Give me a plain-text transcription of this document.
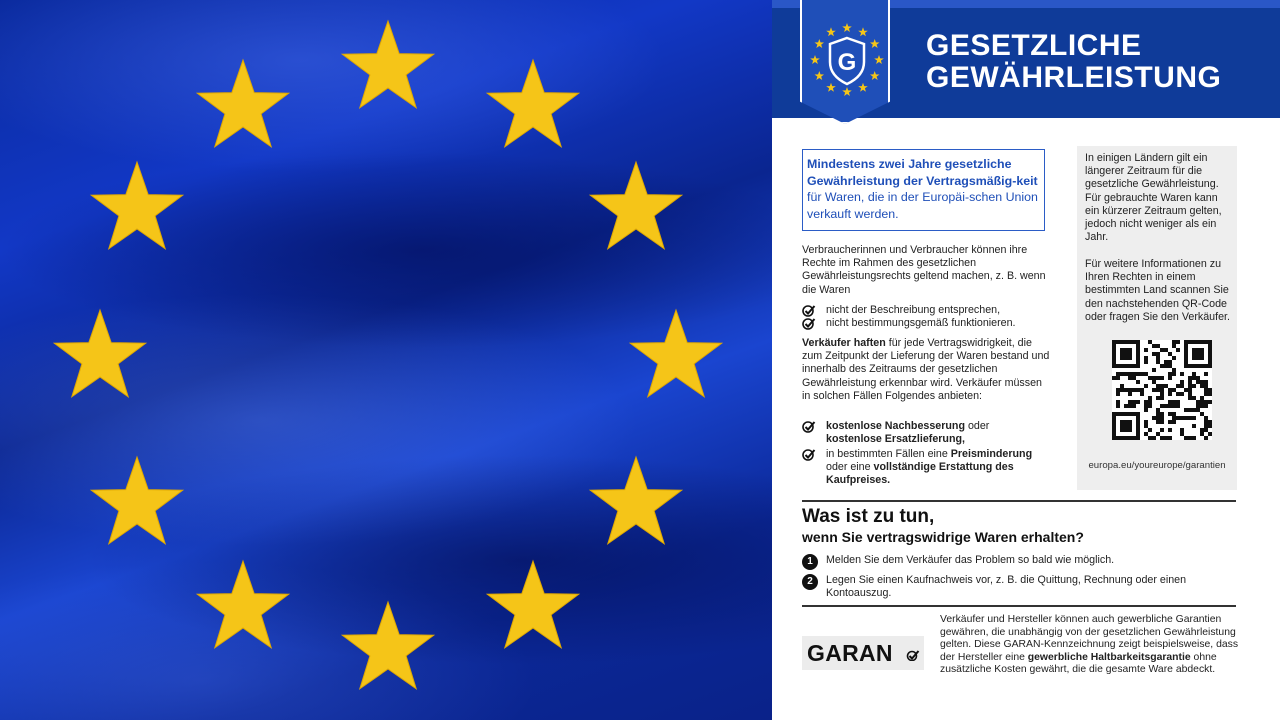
G
GESETZLICHE
GEWÄHRLEISTUNG
Mindestens zwei Jahre gesetzliche Gewährleistung der Vertragsmäßig-keit für Waren, die in der Europäi-schen Union verkauft werden.
Verbraucherinnen und Verbraucher können ihre Rechte im Rahmen des gesetzlichen Gewährleistungsrechts geltend machen, z. B. wenn die Waren
nicht der Beschreibung entsprechen,
nicht bestimmungsgemäß funktionieren.
Verkäufer haften für jede Vertragswidrigkeit, die zum Zeitpunkt der Lieferung der Waren bestand und innerhalb des Zeitraums der gesetzlichen Gewährleistung erkennbar wird. Verkäufer müssen in solchen Fällen Folgendes anbieten:
kostenlose Nachbesserung oder
kostenlose Ersatzlieferung,
in bestimmten Fällen eine Preisminderung oder eine vollständige Erstattung des Kaufpreises.
In einigen Ländern gilt ein längerer Zeitraum für die gesetzliche Gewährleistung. Für gebrauchte Waren kann ein kürzerer Zeitraum gelten, jedoch nicht weniger als ein Jahr.
Für weitere Informationen zu Ihren Rechten in einem bestimmten Land scannen Sie den nachstehenden QR-Code oder fragen Sie den Verkäufer.
europa.eu/youreurope/garantien
Was ist zu tun,
wenn Sie vertragswidrige Waren erhalten?
1	Melden Sie dem Verkäufer das Problem so bald wie möglich.
2	Legen Sie einen Kaufnachweis vor, z. B. die Quittung, Rechnung oder einen Kontoauszug.
GARAN
Verkäufer und Hersteller können auch gewerbliche Garantien gewähren, die unabhängig von der gesetzlichen Gewährleistung gelten. Diese GARAN-Kennzeichnung zeigt beispielsweise, dass der Hersteller eine gewerbliche Haltbarkeitsgarantie ohne zusätzliche Kosten gewährt, die die gesamte Ware abdeckt.
